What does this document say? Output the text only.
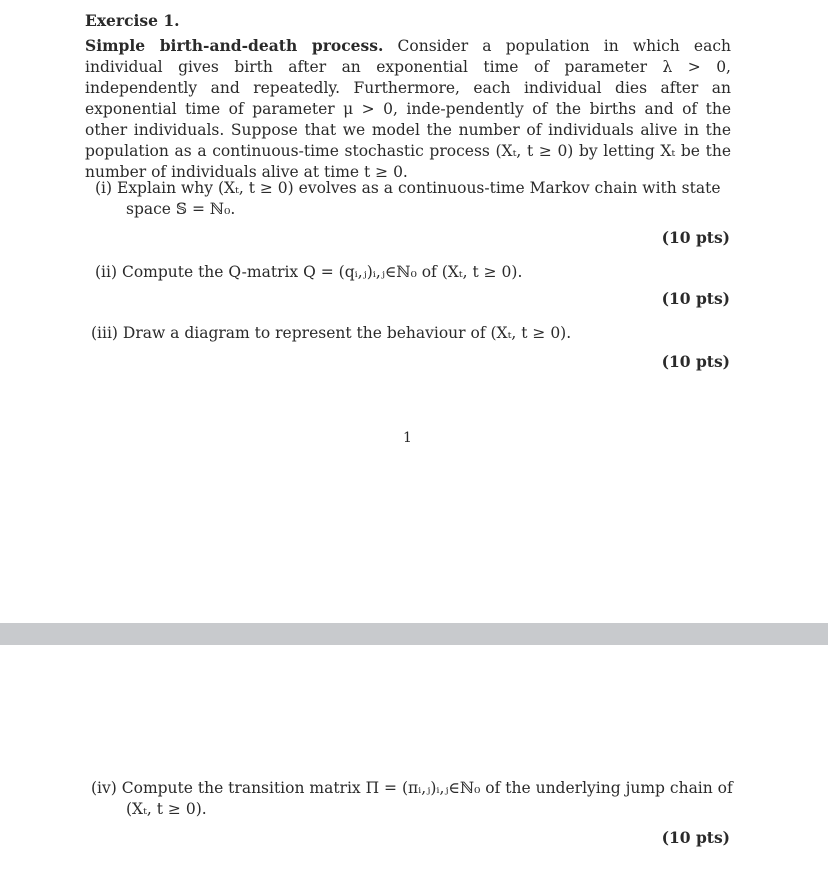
Exercise 1.
Simple birth-and-death process. Consider a population in which each individual gives birth after an exponential time of parameter λ > 0, independently and repeatedly. Furthermore, each individual dies after an exponential time of parameter μ > 0, inde-pendently of the births and of the other individuals. Suppose that we model the number of individuals alive in the population as a continuous-time stochastic process (Xₜ, t ≥ 0) by letting Xₜ be the number of individuals alive at time t ≥ 0.
(i) Explain why (Xₜ, t ≥ 0) evolves as a continuous-time Markov chain with state
space 𝕊 = ℕ₀.
(10 pts)
(ii) Compute the Q-matrix Q = (qᵢ,ⱼ)ᵢ,ⱼ∈ℕ₀ of (Xₜ, t ≥ 0).
(10 pts)
(iii) Draw a diagram to represent the behaviour of (Xₜ, t ≥ 0).
(10 pts)
1
(iv) Compute the transition matrix Π = (πᵢ,ⱼ)ᵢ,ⱼ∈ℕ₀ of the underlying jump chain of
(Xₜ, t ≥ 0).
(10 pts)
